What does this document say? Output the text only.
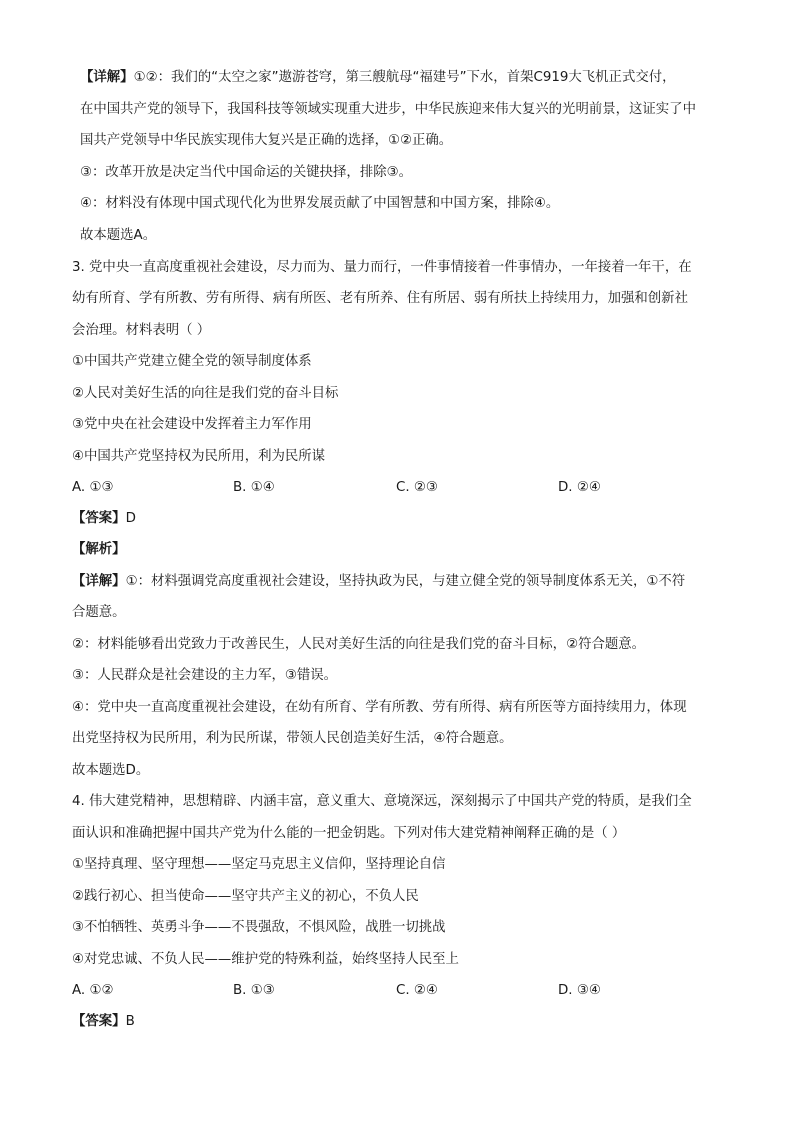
【详解】①②：我们的“太空之家”遨游苍穹，第三艘航母“福建号”下水，首架C919大飞机正式交付，
在中国共产党的领导下，我国科技等领域实现重大进步，中华民族迎来伟大复兴的光明前景，这证实了中
国共产党领导中华民族实现伟大复兴是正确的选择，①②正确。
③：改革开放是决定当代中国命运的关键抉择，排除③。
④：材料没有体现中国式现代化为世界发展贡献了中国智慧和中国方案，排除④。
故本题选A。
3. 党中央一直高度重视社会建设，尽力而为、量力而行，一件事情接着一件事情办，一年接着一年干，在
幼有所育、学有所教、劳有所得、病有所医、老有所养、住有所居、弱有所扶上持续用力，加强和创新社
会治理。材料表明（ ）
①中国共产党建立健全党的领导制度体系
②人民对美好生活的向往是我们党的奋斗目标
③党中央在社会建设中发挥着主力军作用
④中国共产党坚持权为民所用，利为民所谋
A. ①③	B. ①④	C. ②③	D. ②④
【答案】D
【解析】
【详解】①：材料强调党高度重视社会建设，坚持执政为民，与建立健全党的领导制度体系无关，①不符
合题意。
②：材料能够看出党致力于改善民生，人民对美好生活的向往是我们党的奋斗目标，②符合题意。
③：人民群众是社会建设的主力军，③错误。
④：党中央一直高度重视社会建设，在幼有所育、学有所教、劳有所得、病有所医等方面持续用力，体现
出党坚持权为民所用，利为民所谋，带领人民创造美好生活，④符合题意。
故本题选D。
4. 伟大建党精神，思想精辟、内涵丰富，意义重大、意境深远，深刻揭示了中国共产党的特质，是我们全
面认识和准确把握中国共产党为什么能的一把金钥匙。下列对伟大建党精神阐释正确的是（ ）
①坚持真理、坚守理想——坚定马克思主义信仰，坚持理论自信
②践行初心、担当使命——坚守共产主义的初心，不负人民
③不怕牺牲、英勇斗争——不畏强敌，不惧风险，战胜一切挑战
④对党忠诚、不负人民——维护党的特殊利益，始终坚持人民至上
A. ①②	B. ①③	C. ②④	D. ③④
【答案】B
